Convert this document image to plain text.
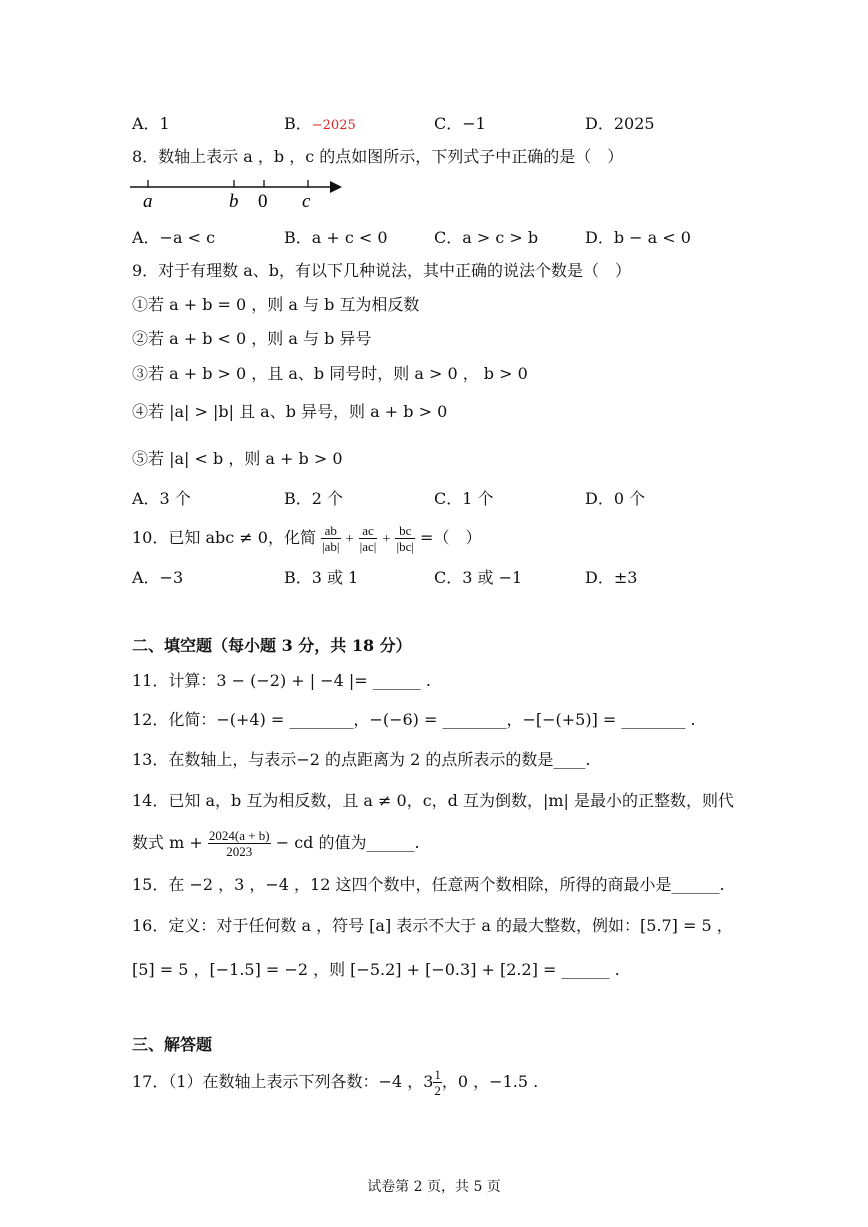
A．1	B．−2025	C．−1	D．2025
8．数轴上表示 a ，b ，c 的点如图所示，下列式子中正确的是（　）
a	b 0 c
A．−a < c	B．a + c < 0	C．a > c > b	D．b − a < 0
9．对于有理数 a、b，有以下几种说法，其中正确的说法个数是（　）
①若 a + b = 0 ，则 a 与 b 互为相反数
②若 a + b < 0 ，则 a 与 b 异号
③若 a + b > 0 ，且 a、b 同号时，则 a > 0 ， b > 0
④若 |a| > |b| 且 a、b 异号，则 a + b > 0
⑤若 |a| < b ，则 a + b > 0
A．3 个	B．2 个	C．1 个	D．0 个
10．已知 abc ≠ 0，化简 $\frac{ab}{|ab|} + \frac{ac}{|ac|} + \frac{bc}{|bc|}$ =（　）
A．−3	B．3 或 1	C．3 或 −1	D．±3
二、填空题（每小题 3 分，共 18 分）
11．计算：3 − (−2) + | −4 |= ______ .
12．化简：−(+4) = ________，−(−6) = ________，−[−(+5)] = ________ .
13．在数轴上，与表示−2 的点距离为 2 的点所表示的数是____.
14．已知 a，b 互为相反数，且 a ≠ 0，c，d 互为倒数，|m| 是最小的正整数，则代
数式 $m + \frac{2024(a + b)}{2023}$ − cd 的值为______.
15．在 −2 ，3 ，−4 ，12 这四个数中，任意两个数相除，所得的商最小是______.
16．定义：对于任何数 a ，符号 [a] 表示不大于 a 的最大整数，例如：[5.7] = 5 ，
[5] = 5 ，[−1.5] = −2 ，则 [−5.2] + [−0.3] + [2.2] = ______ .
三、解答题
17．（1）在数轴上表示下列各数：−4 ，$3 \frac{1}{2}$ ，0 ，−1.5 .
试卷第 2 页，共 5 页
